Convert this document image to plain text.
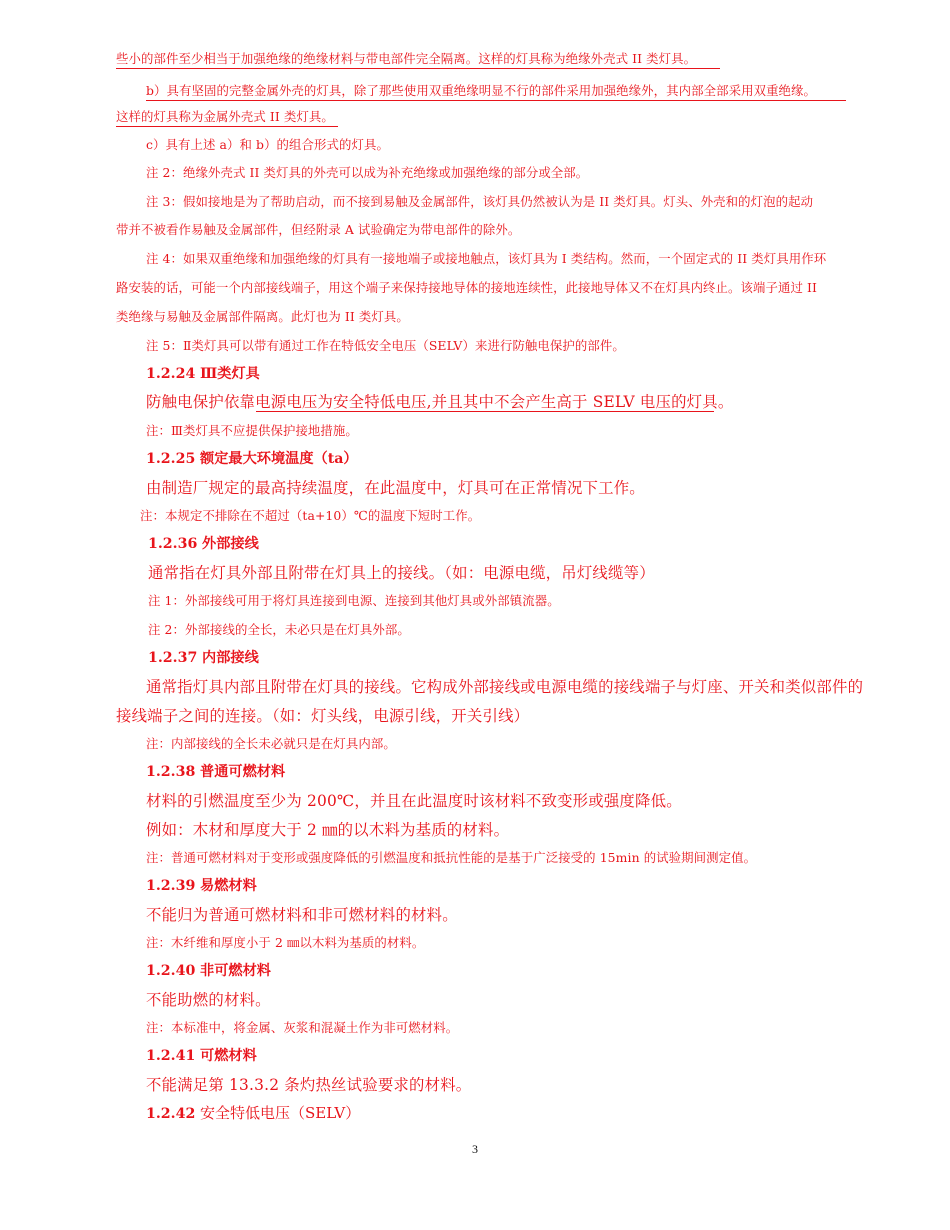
些小的部件至少相当于加强绝缘的绝缘材料与带电部件完全隔离。这样的灯具称为绝缘外壳式 II 类灯具。
b）具有坚固的完整金属外壳的灯具，除了那些使用双重绝缘明显不行的部件采用加强绝缘外，其内部全部采用双重绝缘。
这样的灯具称为金属外壳式 II 类灯具。
c）具有上述 a）和 b）的组合形式的灯具。
注 2：绝缘外壳式 II 类灯具的外壳可以成为补充绝缘或加强绝缘的部分或全部。
注 3：假如接地是为了帮助启动，而不接到易触及金属部件，该灯具仍然被认为是 II 类灯具。灯头、外壳和的灯泡的起动
带并不被看作易触及金属部件，但经附录 A 试验确定为带电部件的除外。
注 4：如果双重绝缘和加强绝缘的灯具有一接地端子或接地触点，该灯具为 I 类结构。然而，一个固定式的 II 类灯具用作环
路安装的话，可能一个内部接线端子，用这个端子来保持接地导体的接地连续性，此接地导体又不在灯具内终止。该端子通过 II
类绝缘与易触及金属部件隔离。此灯也为 II 类灯具。
注 5：Ⅱ类灯具可以带有通过工作在特低安全电压（SELV）来进行防触电保护的部件。
1.2.24 Ⅲ类灯具
防触电保护依靠电源电压为安全特低电压,并且其中不会产生高于 SELV 电压的灯具。
注：Ⅲ类灯具不应提供保护接地措施。
1.2.25 额定最大环境温度（ta）
由制造厂规定的最高持续温度，在此温度中，灯具可在正常情况下工作。
注：本规定不排除在不超过（ta+10）℃的温度下短时工作。
1.2.36 外部接线
通常指在灯具外部且附带在灯具上的接线。（如：电源电缆，吊灯线缆等）
注 1：外部接线可用于将灯具连接到电源、连接到其他灯具或外部镇流器。
注 2：外部接线的全长，未必只是在灯具外部。
1.2.37 内部接线
通常指灯具内部且附带在灯具的接线。它构成外部接线或电源电缆的接线端子与灯座、开关和类似部件的
接线端子之间的连接。（如：灯头线，电源引线，开关引线）
注：内部接线的全长未必就只是在灯具内部。
1.2.38 普通可燃材料
材料的引燃温度至少为 200℃，并且在此温度时该材料不致变形或强度降低。
例如：木材和厚度大于 2 ㎜的以木料为基质的材料。
注：普通可燃材料对于变形或强度降低的引燃温度和抵抗性能的是基于广泛接受的 15min 的试验期间测定值。
1.2.39 易燃材料
不能归为普通可燃材料和非可燃材料的材料。
注：木纤维和厚度小于 2 ㎜以木料为基质的材料。
1.2.40 非可燃材料
不能助燃的材料。
注：本标准中，将金属、灰浆和混凝土作为非可燃材料。
1.2.41 可燃材料
不能满足第 13.3.2 条灼热丝试验要求的材料。
1.2.42 安全特低电压（SELV）
3
